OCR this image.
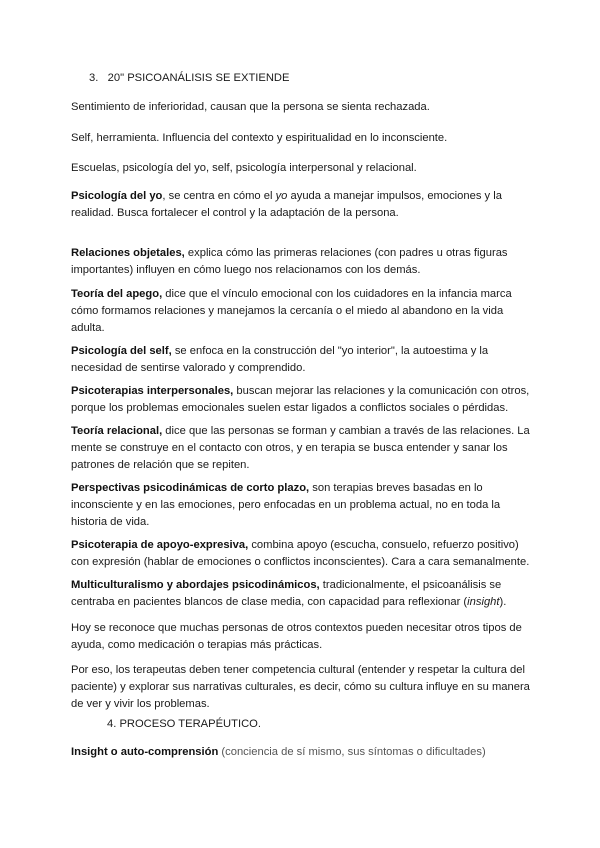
3. 20" PSICOANÁLISIS SE EXTIENDE
Sentimiento de inferioridad, causan que la persona se sienta rechazada.
Self, herramienta. Influencia del contexto y espiritualidad en lo inconsciente.
Escuelas, psicología del yo, self, psicología interpersonal y relacional.
Psicología del yo, se centra en cómo el yo ayuda a manejar impulsos, emociones y la
realidad. Busca fortalecer el control y la adaptación de la persona.
Relaciones objetales, explica cómo las primeras relaciones (con padres u otras figuras
importantes) influyen en cómo luego nos relacionamos con los demás.
Teoría del apego, dice que el vínculo emocional con los cuidadores en la infancia marca
cómo formamos relaciones y manejamos la cercanía o el miedo al abandono en la vida
adulta.
Psicología del self, se enfoca en la construcción del "yo interior", la autoestima y la
necesidad de sentirse valorado y comprendido.
Psicoterapias interpersonales, buscan mejorar las relaciones y la comunicación con otros,
porque los problemas emocionales suelen estar ligados a conflictos sociales o pérdidas.
Teoría relacional, dice que las personas se forman y cambian a través de las relaciones. La
mente se construye en el contacto con otros, y en terapia se busca entender y sanar los
patrones de relación que se repiten.
Perspectivas psicodinámicas de corto plazo, son terapias breves basadas en lo
inconsciente y en las emociones, pero enfocadas en un problema actual, no en toda la
historia de vida.
Psicoterapia de apoyo-expresiva, combina apoyo (escucha, consuelo, refuerzo positivo)
con expresión (hablar de emociones o conflictos inconscientes). Cara a cara semanalmente.
Multiculturalismo y abordajes psicodinámicos, tradicionalmente, el psicoanálisis se
centraba en pacientes blancos de clase media, con capacidad para reflexionar (insight).
Hoy se reconoce que muchas personas de otros contextos pueden necesitar otros tipos de
ayuda, como medicación o terapias más prácticas.
Por eso, los terapeutas deben tener competencia cultural (entender y respetar la cultura del
paciente) y explorar sus narrativas culturales, es decir, cómo su cultura influye en su manera
de ver y vivir los problemas.
4. PROCESO TERAPÉUTICO.
Insight o auto-comprensión (conciencia de sí mismo, sus síntomas o dificultades)
